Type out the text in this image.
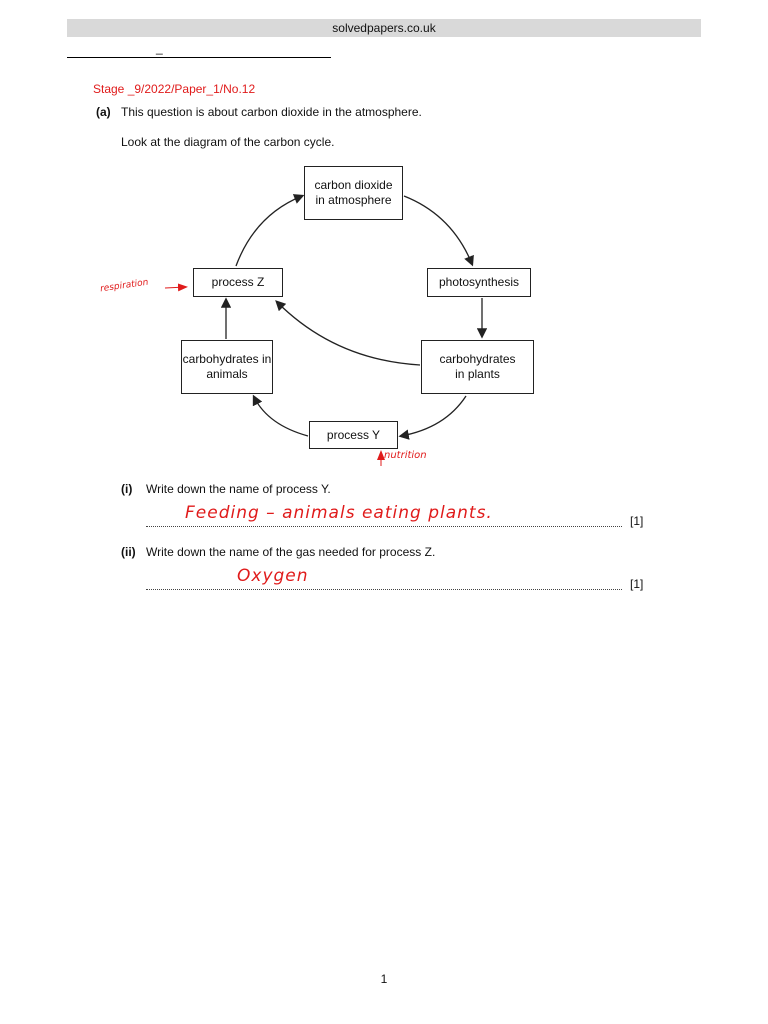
solvedpapers.co.uk
_
Stage _9/2022/Paper_1/No.12
(a) This question is about carbon dioxide in the atmosphere.
Look at the diagram of the carbon cycle.
carbon dioxide
in atmosphere
process Z	photosynthesis
carbohydrates in
animals
carbohydrates
in plants
process Y
respiration
nutrition
(i) Write down the name of process Y.
Feeding – animals eating plants.	[1]
(ii) Write down the name of the gas needed for process Z.
Oxygen	[1]
1
